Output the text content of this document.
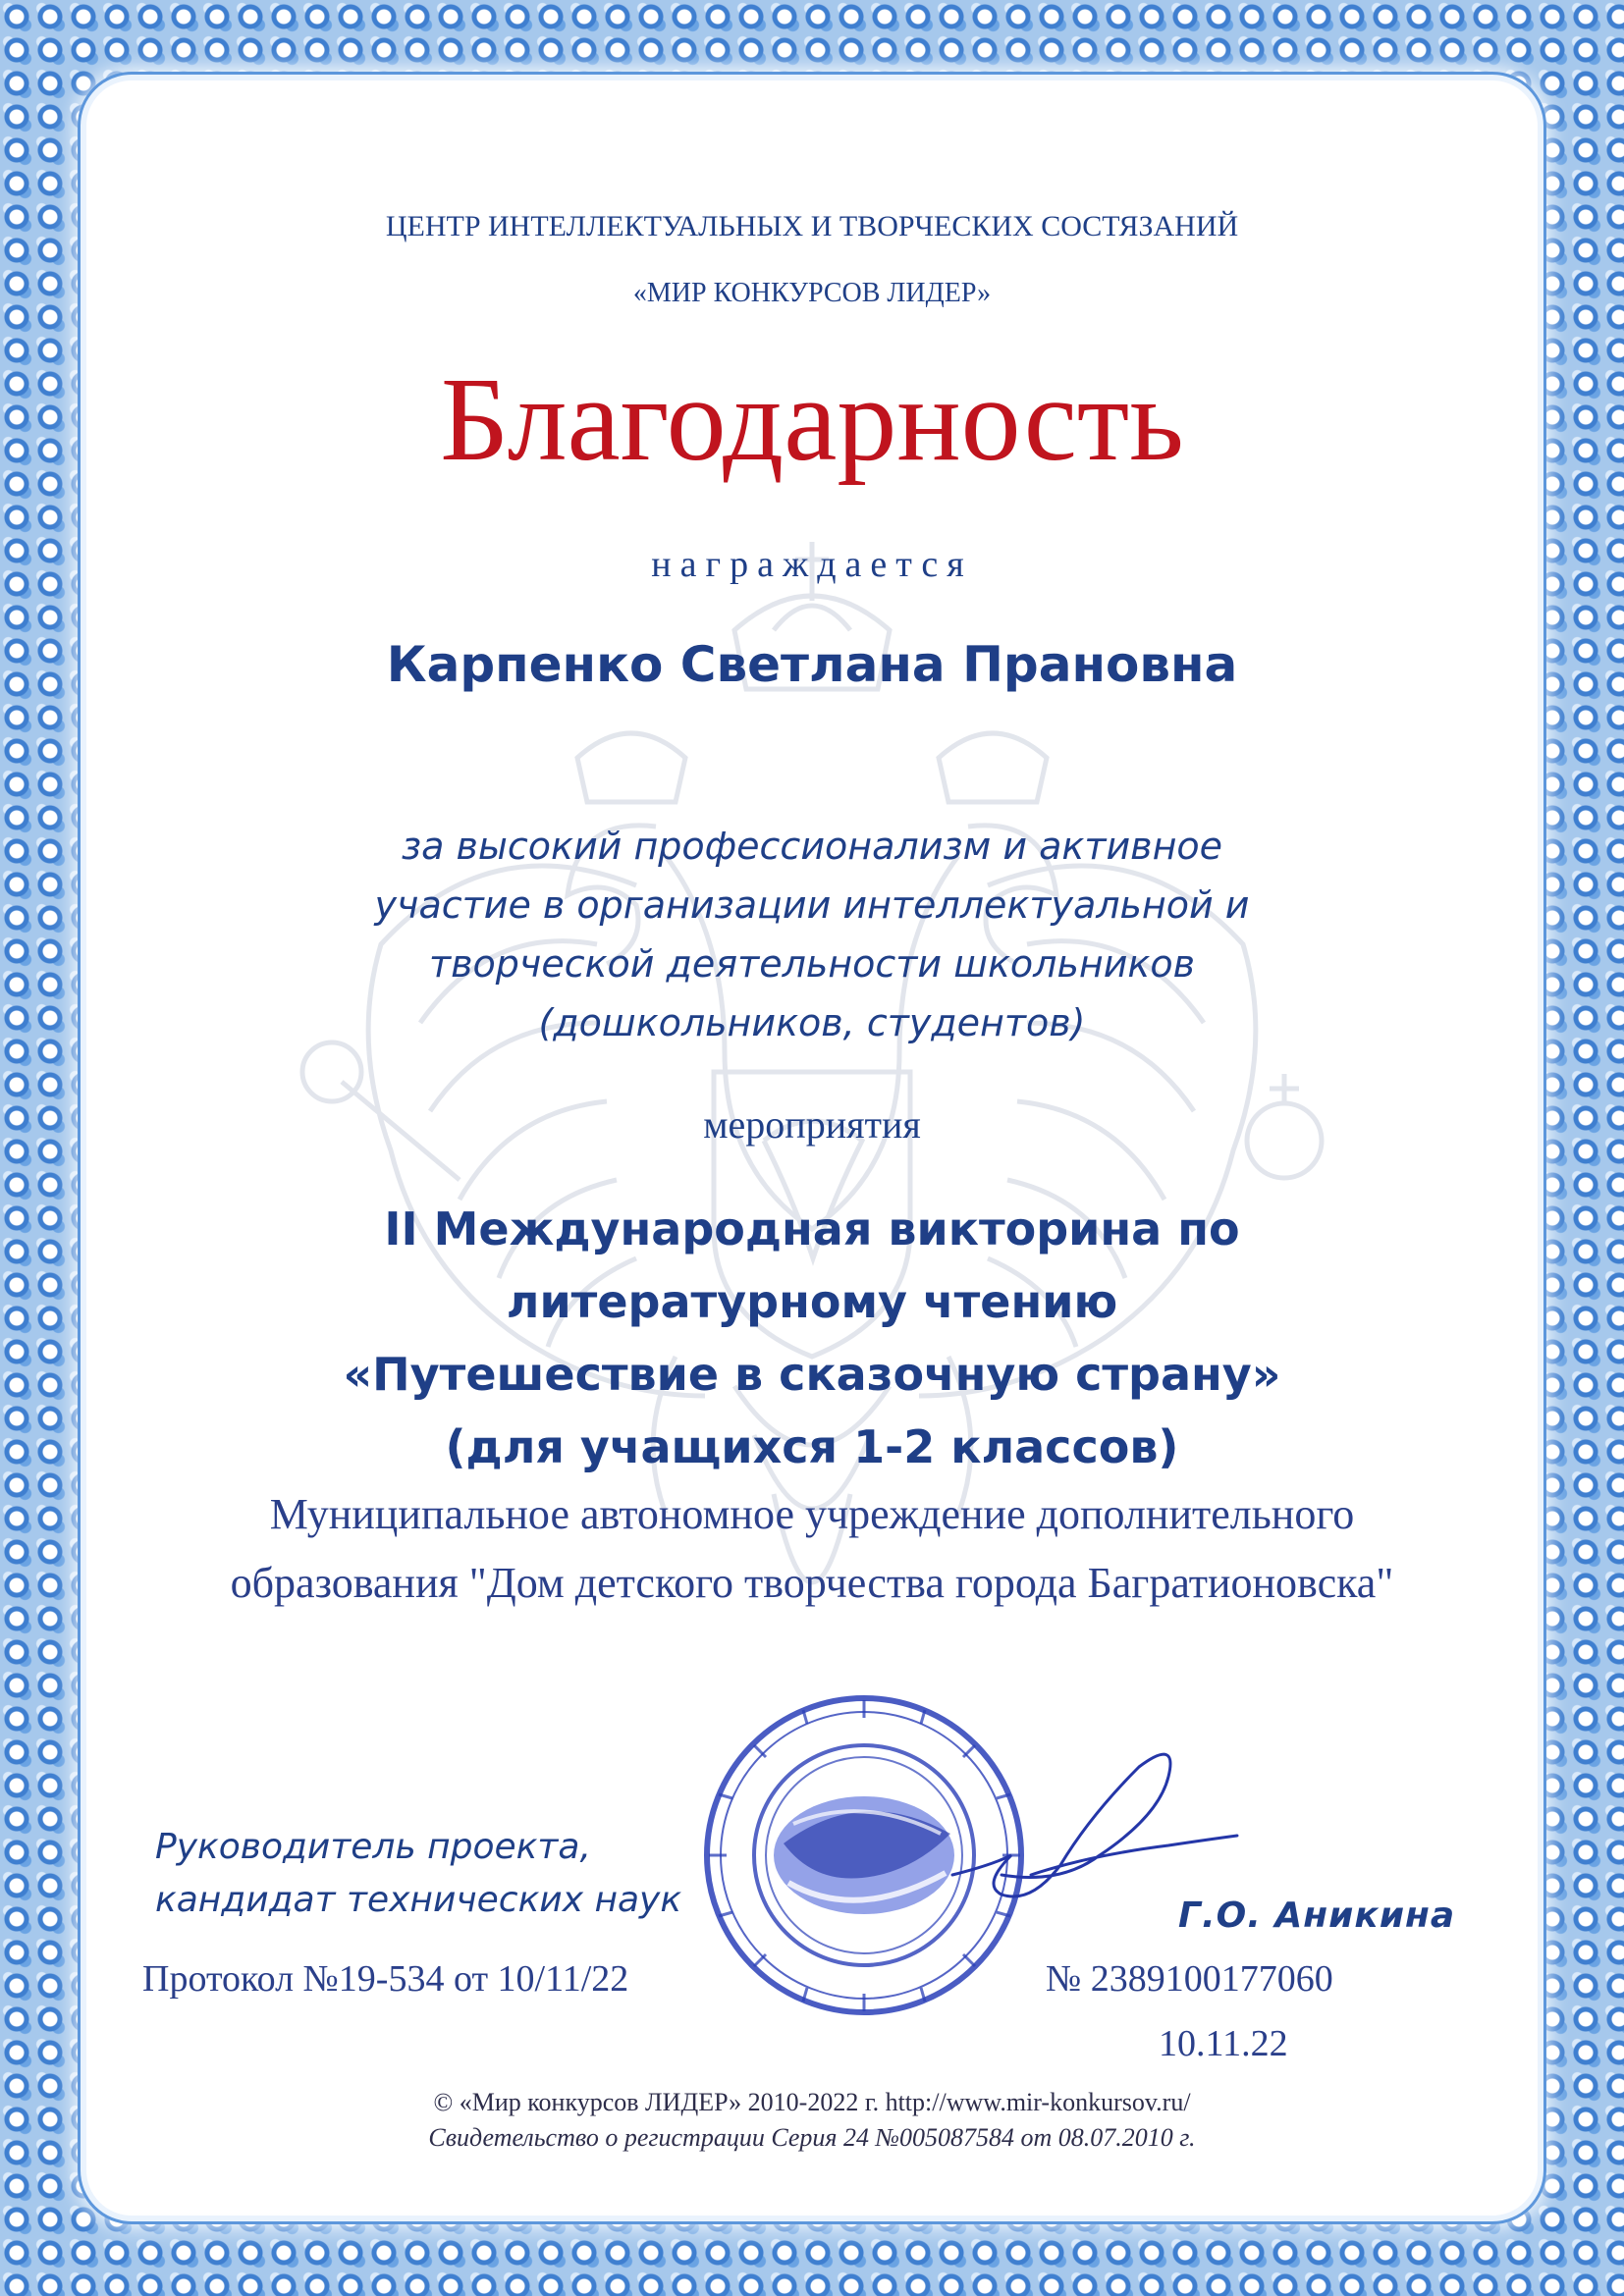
ЦЕНТР ИНТЕЛЛЕКТУАЛЬНЫХ И ТВОРЧЕСКИХ СОСТЯЗАНИЙ

«МИР КОНКУРСОВ ЛИДЕР»

Благодарность

награждается

Карпенко Светлана Прановна

за высокий профессионализм и активное
участие в организации интеллектуальной и
творческой деятельности школьников
(дошкольников, студентов)

мероприятия

II Международная викторина по
литературному чтению
«Путешествие в сказочную страну»
(для учащихся 1-2 классов)
Муниципальное автономное учреждение дополнительного
образования "Дом детского творчества города Багратионовска"
Руководитель проекта,
кандидат технических наук	Г.О. Аникина

Протокол №19-534 от 10/11/22	№ 2389100177060

10.11.22

© «Мир конкурсов ЛИДЕР» 2010-2022 г. http://www.mir-konkursov.ru/

Свидетельство о регистрации Серия 24 №005087584 от 08.07.2010 г.
